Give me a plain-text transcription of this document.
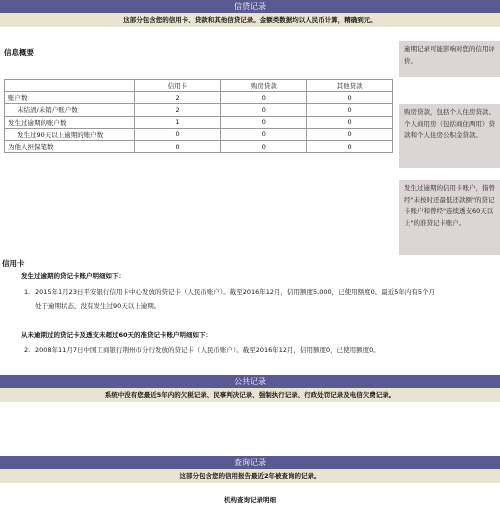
信贷记录
这部分包含您的信用卡、贷款和其他信贷记录。金额类数据均以人民币计算，精确到元。
信息概要
	信用卡	购房贷款	其他贷款
账户数	2	0	0
未结清/未销户账户数	2	0	0
发生过逾期的账户数	1	0	0
发生过90天以上逾期的账户数	0	0	0
为他人担保笔数	0	0	0
逾期记录可能影响对您的信用评价。
购房贷款，包括个人住房贷款、个人商用房（包括商住两用）贷款和个人住房公积金贷款。
发生过逾期的信用卡账户，指曾经"未按时还最低还款额"的贷记卡账户和曾经"连续透支60天以上"的准贷记卡账户。
信用卡
发生过逾期的贷记卡账户明细如下：
1. 2015年1月23日平安银行信用卡中心发放的贷记卡（人民币账户）。截至2016年12月，信用额度5,000，已使用额度0。最近5年内有5个月
处于逾期状态，没有发生过90天以上逾期。
从未逾期过的贷记卡及透支未超过60天的准贷记卡账户明细如下：
2. 2008年11月7日中国工商银行荆州市分行发放的贷记卡（人民币账户）。截至2016年12月，信用额度0，已使用额度0。
公共记录
系统中没有您最近5年内的欠税记录、民事判决记录、强制执行记录、行政处罚记录及电信欠费记录。
查询记录
这部分包含您的信用报告最近2年被查询的记录。
机构查询记录明细
